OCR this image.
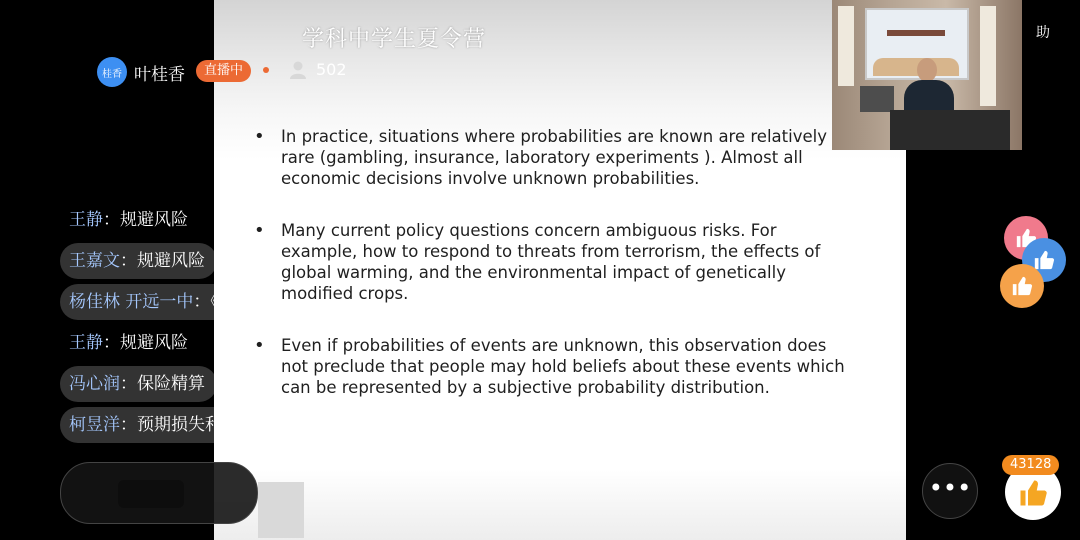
• In practice, situations where probabilities are known are relatively
rare (gambling, insurance, laboratory experiments ). Almost all
economic decisions involve unknown probabilities.
• Many current policy questions concern ambiguous risks. For
example, how to respond to threats from terrorism, the effects of
global warming, and the environmental impact of genetically
modified crops.
• Even if probabilities of events are unknown, this observation does
not preclude that people may hold beliefs about these events which
can be represented by a subjective probability distribution.
学科中学生夏令营
桂香 叶桂香	直播中	502
王静：规避风险
王嘉文：规避风险
杨佳林 开远一中：《赌》
王静：规避风险
冯心润：保险精算
柯昱洋：预期损失和预期收益
助
•••
43128
